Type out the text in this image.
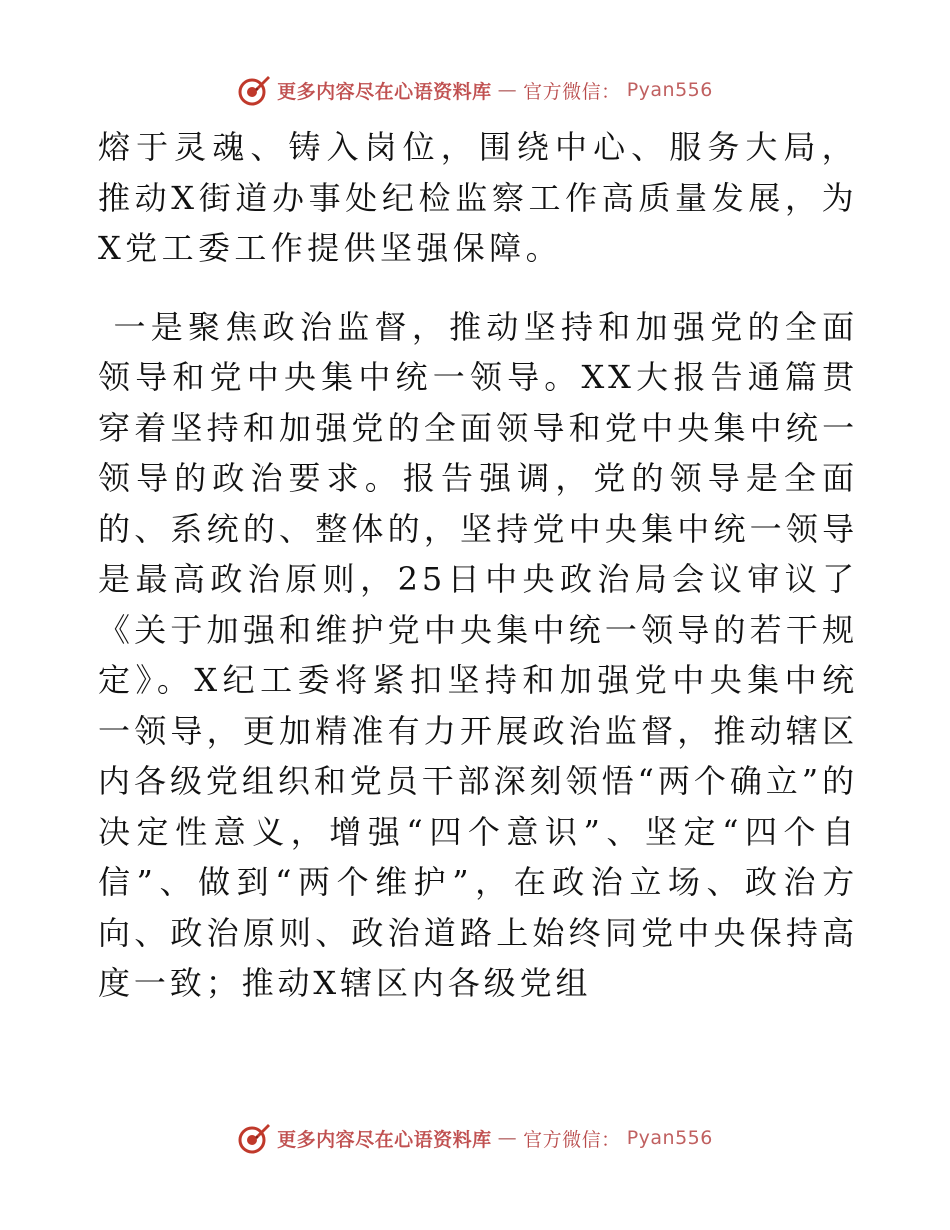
更多内容尽在心语资料库 — 官方微信： Pyan556

熔于灵魂、铸入岗位，围绕中心、服务大局，推动X街道办事处纪检监察工作高质量发展，为X党工委工作提供坚强保障。

一是聚焦政治监督，推动坚持和加强党的全面领导和党中央集中统一领导。XX大报告通篇贯穿着坚持和加强党的全面领导和党中央集中统一领导的政治要求。报告强调，党的领导是全面的、系统的、整体的，坚持党中央集中统一领导是最高政治原则，25日中央政治局会议审议了《关于加强和维护党中央集中统一领导的若干规定》。X纪工委将紧扣坚持和加强党中央集中统一领导，更加精准有力开展政治监督，推动辖区内各级党组织和党员干部深刻领悟“两个确立”的决定性意义，增强“四个意识”、坚定“四个自信”、做到“两个维护”，在政治立场、政治方向、政治原则、政治道路上始终同党中央保持高度一致；推动X辖区内各级党组

更多内容尽在心语资料库 — 官方微信： Pyan556
